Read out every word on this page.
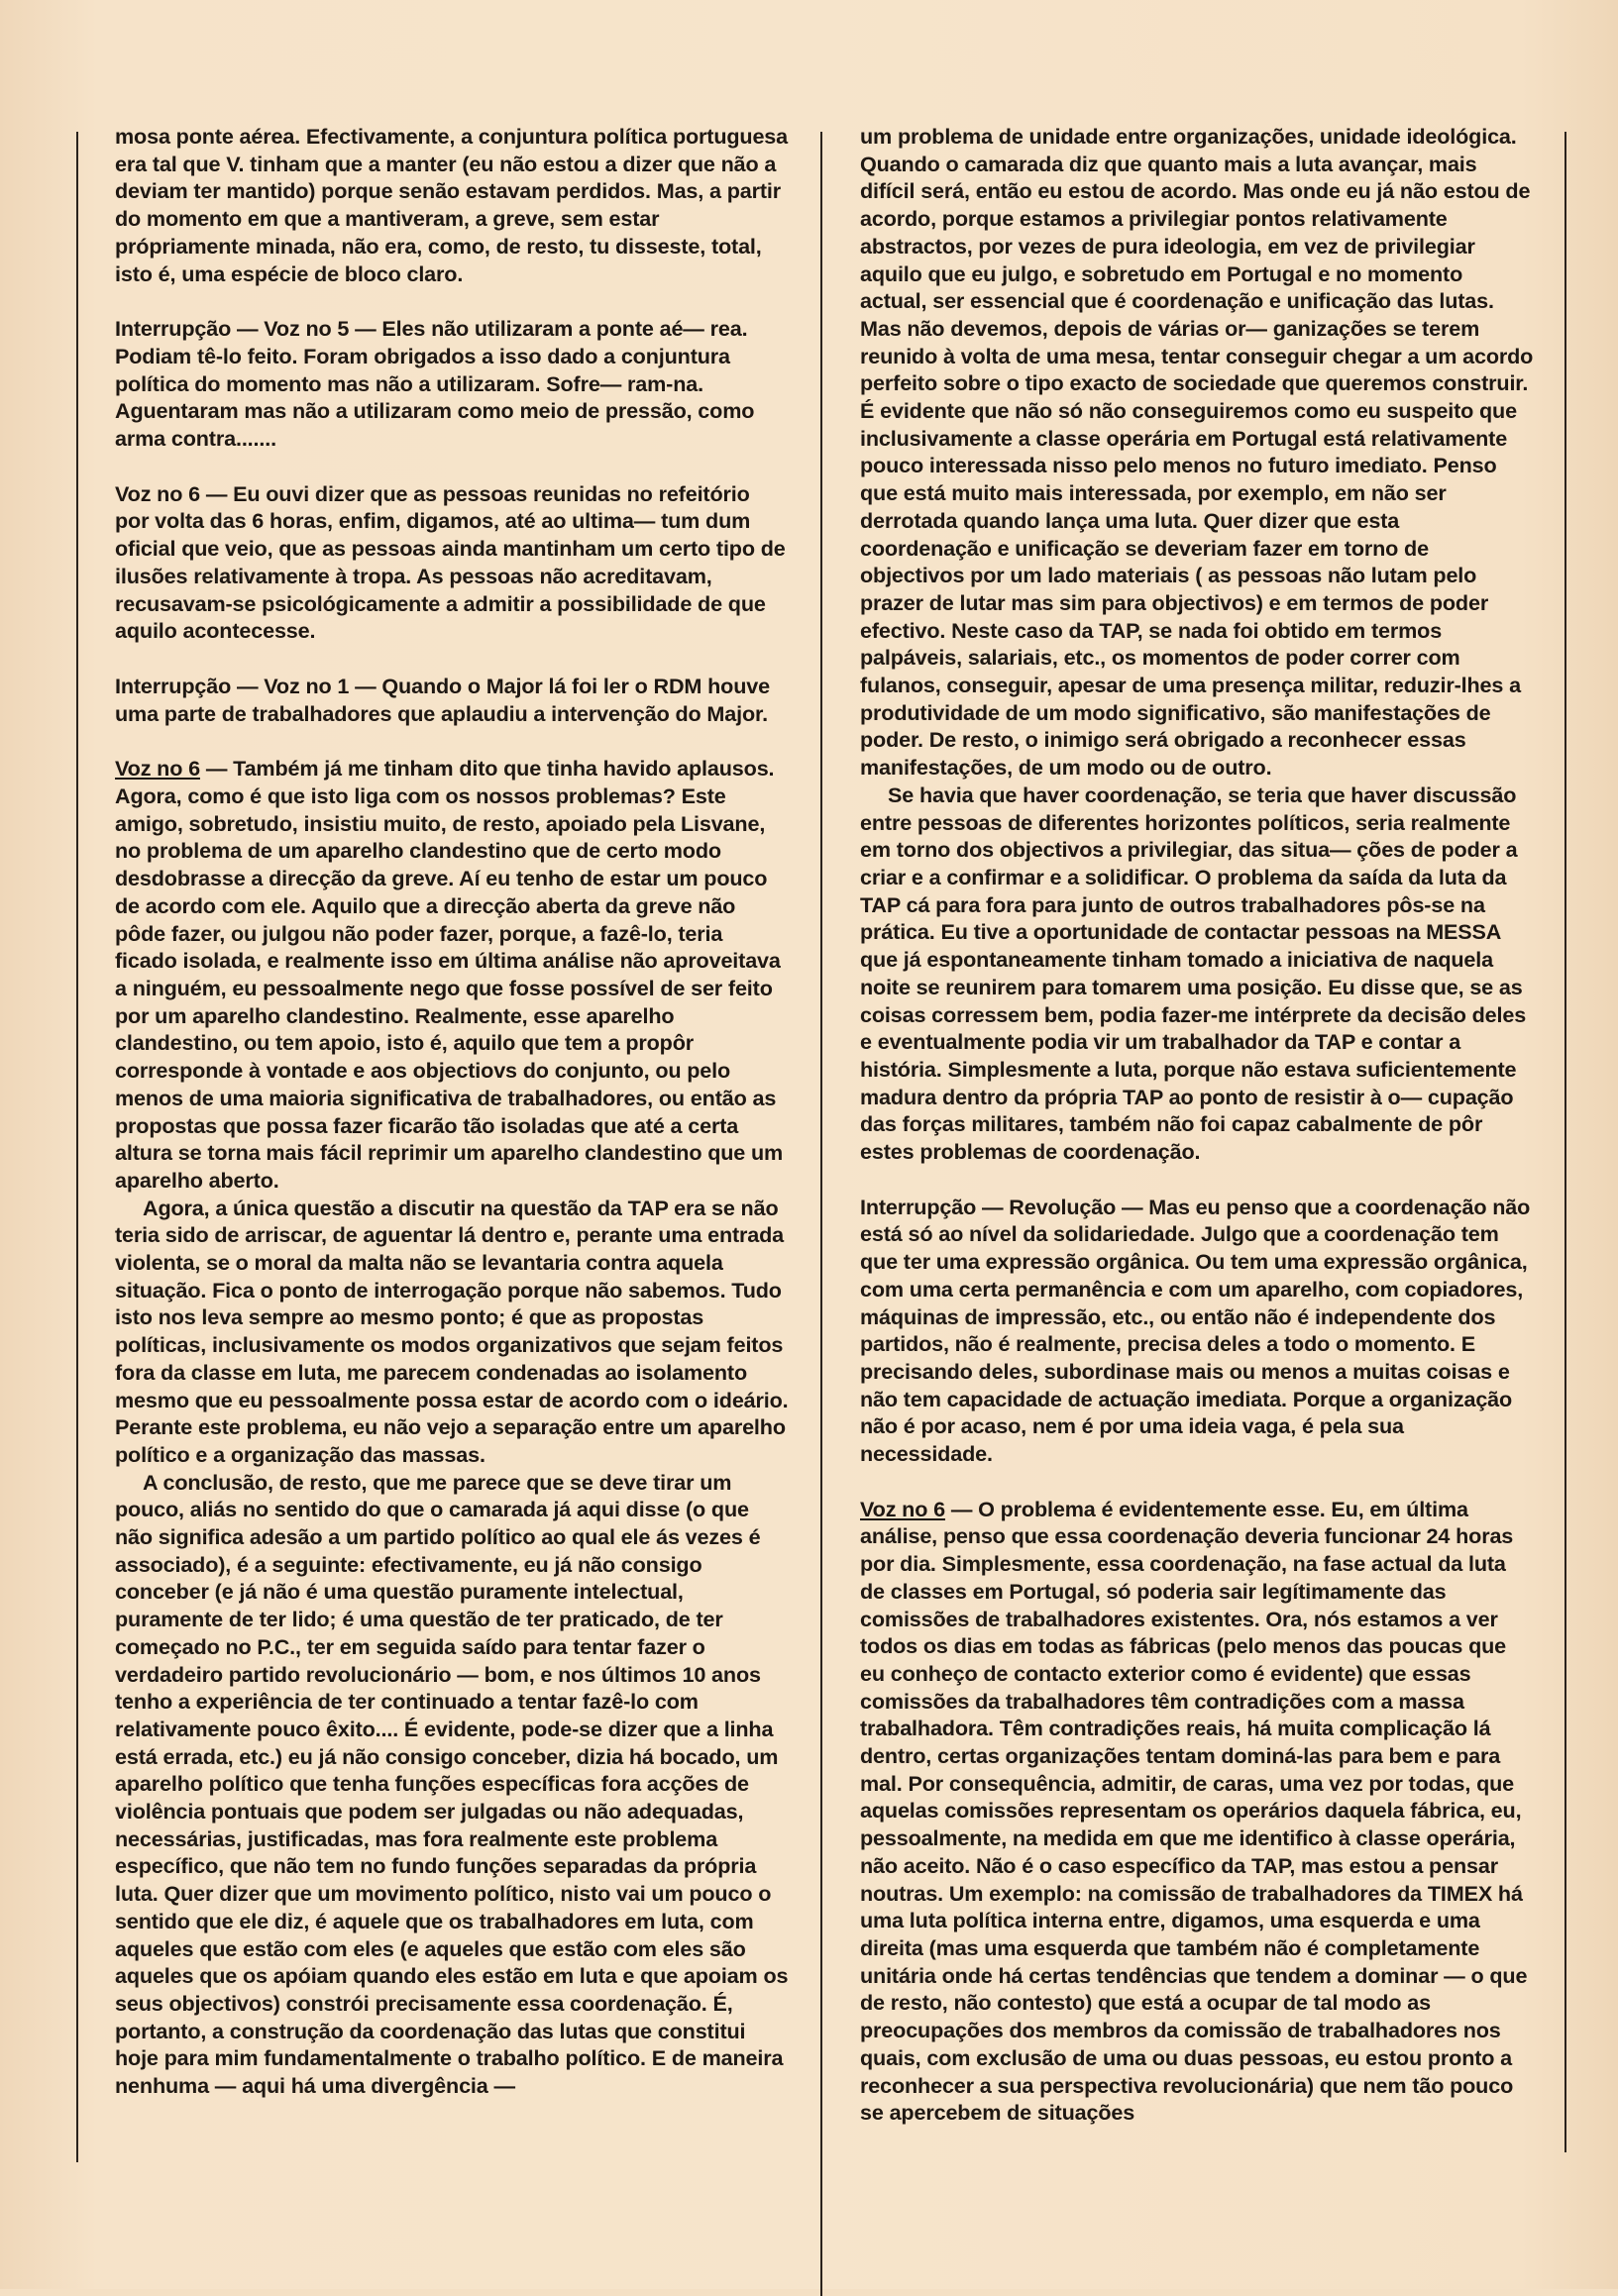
mosa ponte aérea. Efectivamente, a conjuntura política portuguesa era tal que V. tinham que a manter (eu não estou a dizer que não a deviam ter mantido) porque senão estavam perdidos. Mas, a partir do momento em que a mantiveram, a greve, sem estar própriamente minada, não era, como, de resto, tu disseste, total, isto é, uma espécie de bloco claro.

Interrupção — Voz no 5 — Eles não utilizaram a ponte aé— rea. Podiam tê-lo feito. Foram obrigados a isso dado a conjuntura política do momento mas não a utilizaram. Sofre— ram-na. Aguentaram mas não a utilizaram como meio de pressão, como arma contra.......

Voz no 6 — Eu ouvi dizer que as pessoas reunidas no refeitório por volta das 6 horas, enfim, digamos, até ao ultima— tum dum oficial que veio, que as pessoas ainda mantinham um certo tipo de ilusões relativamente à tropa. As pessoas não acreditavam, recusavam-se psicológicamente a admitir a possibilidade de que aquilo acontecesse.

Interrupção — Voz no 1 — Quando o Major lá foi ler o RDM houve uma parte de trabalhadores que aplaudiu a intervenção do Major.

Voz no 6 — Também já me tinham dito que tinha havido aplausos. Agora, como é que isto liga com os nossos problemas? Este amigo, sobretudo, insistiu muito, de resto, apoiado pela Lisvane, no problema de um aparelho clandestino que de certo modo desdobrasse a direcção da greve. Aí eu tenho de estar um pouco de acordo com ele. Aquilo que a direcção aberta da greve não pôde fazer, ou julgou não poder fazer, porque, a fazê-lo, teria ficado isolada, e realmente isso em última análise não aproveitava a ninguém, eu pessoalmente nego que fosse possível de ser feito por um aparelho clandestino. Realmente, esse aparelho clandestino, ou tem apoio, isto é, aquilo que tem a propôr corresponde à vontade e aos objectiovs do conjunto, ou pelo menos de uma maioria significativa de trabalhadores, ou então as propostas que possa fazer ficarão tão isoladas que até a certa altura se torna mais fácil reprimir um aparelho clandestino que um aparelho aberto.

Agora, a única questão a discutir na questão da TAP era se não teria sido de arriscar, de aguentar lá dentro e, perante uma entrada violenta, se o moral da malta não se levantaria contra aquela situação. Fica o ponto de interrogação porque não sabemos. Tudo isto nos leva sempre ao mesmo ponto; é que as propostas políticas, inclusivamente os modos organizativos que sejam feitos fora da classe em luta, me parecem condenadas ao isolamento mesmo que eu pessoalmente possa estar de acordo com o ideário. Perante este problema, eu não vejo a separação entre um aparelho político e a organização das massas.

A conclusão, de resto, que me parece que se deve tirar um pouco, aliás no sentido do que o camarada já aqui disse (o que não significa adesão a um partido político ao qual ele ás vezes é associado), é a seguinte: efectivamente, eu já não consigo conceber (e já não é uma questão puramente intelectual, puramente de ter lido; é uma questão de ter praticado, de ter começado no P.C., ter em seguida saído para tentar fazer o verdadeiro partido revolucionário — bom, e nos últimos 10 anos tenho a experiência de ter continuado a tentar fazê-lo com relativamente pouco êxito.... É evidente, pode-se dizer que a linha está errada, etc.) eu já não consigo conceber, dizia há bocado, um aparelho político que tenha funções específicas fora acções de violência pontuais que podem ser julgadas ou não adequadas, necessárias, justificadas, mas fora realmente este problema específico, que não tem no fundo funções separadas da própria luta. Quer dizer que um movimento político, nisto vai um pouco o sentido que ele diz, é aquele que os trabalhadores em luta, com aqueles que estão com eles (e aqueles que estão com eles são aqueles que os apóiam quando eles estão em luta e que apoiam os seus objectivos) constrói precisamente essa coordenação. É, portanto, a construção da coordenação das lutas que constitui hoje para mim fundamentalmente o trabalho político. E de maneira nenhuma — aqui há uma divergência —

um problema de unidade entre organizações, unidade ideológica. Quando o camarada diz que quanto mais a luta avançar, mais difícil será, então eu estou de acordo. Mas onde eu já não estou de acordo, porque estamos a privilegiar pontos relativamente abstractos, por vezes de pura ideologia, em vez de privilegiar aquilo que eu julgo, e sobretudo em Portugal e no momento actual, ser essencial que é coordenação e unificação das lutas. Mas não devemos, depois de várias or— ganizações se terem reunido à volta de uma mesa, tentar conseguir chegar a um acordo perfeito sobre o tipo exacto de sociedade que queremos construir. É evidente que não só não conseguiremos como eu suspeito que inclusivamente a classe operária em Portugal está relativamente pouco interessada nisso pelo menos no futuro imediato. Penso que está muito mais interessada, por exemplo, em não ser derrotada quando lança uma luta. Quer dizer que esta coordenação e unificação se deveriam fazer em torno de objectivos por um lado materiais ( as pessoas não lutam pelo prazer de lutar mas sim para objectivos) e em termos de poder efectivo. Neste caso da TAP, se nada foi obtido em termos palpáveis, salariais, etc., os momentos de poder correr com fulanos, conseguir, apesar de uma presença militar, reduzir-lhes a produtividade de um modo significativo, são manifestações de poder. De resto, o inimigo será obrigado a reconhecer essas manifestações, de um modo ou de outro.

Se havia que haver coordenação, se teria que haver discussão entre pessoas de diferentes horizontes políticos, seria realmente em torno dos objectivos a privilegiar, das situa— ções de poder a criar e a confirmar e a solidificar. O problema da saída da luta da TAP cá para fora para junto de outros trabalhadores pôs-se na prática. Eu tive a oportunidade de contactar pessoas na MESSA que já espontaneamente tinham tomado a iniciativa de naquela noite se reunirem para tomarem uma posição. Eu disse que, se as coisas corressem bem, podia fazer-me intérprete da decisão deles e eventualmente podia vir um trabalhador da TAP e contar a história. Simplesmente a luta, porque não estava suficientemente madura dentro da própria TAP ao ponto de resistir à o— cupação das forças militares, também não foi capaz cabalmente de pôr estes problemas de coordenação.

Interrupção — Revolução — Mas eu penso que a coordenação não está só ao nível da solidariedade. Julgo que a coordenação tem que ter uma expressão orgânica. Ou tem uma expressão orgânica, com uma certa permanência e com um aparelho, com copiadores, máquinas de impressão, etc., ou então não é independente dos partidos, não é realmente, precisa deles a todo o momento. E precisando deles, subordinase mais ou menos a muitas coisas e não tem capacidade de actuação imediata. Porque a organização não é por acaso, nem é por uma ideia vaga, é pela sua necessidade.

Voz no 6 — O problema é evidentemente esse. Eu, em última análise, penso que essa coordenação deveria funcionar 24 horas por dia. Simplesmente, essa coordenação, na fase actual da luta de classes em Portugal, só poderia sair legítimamente das comissões de trabalhadores existentes. Ora, nós estamos a ver todos os dias em todas as fábricas (pelo menos das poucas que eu conheço de contacto exterior como é evidente) que essas comissões da trabalhadores têm contradições com a massa trabalhadora. Têm contradições reais, há muita complicação lá dentro, certas organizações tentam dominá-las para bem e para mal. Por consequência, admitir, de caras, uma vez por todas, que aquelas comissões representam os operários daquela fábrica, eu, pessoalmente, na medida em que me identifico à classe operária, não aceito. Não é o caso específico da TAP, mas estou a pensar noutras. Um exemplo: na comissão de trabalhadores da TIMEX há uma luta política interna entre, digamos, uma esquerda e uma direita (mas uma esquerda que também não é completamente unitária onde há certas tendências que tendem a dominar — o que de resto, não contesto) que está a ocupar de tal modo as preocupações dos membros da comissão de trabalhadores nos quais, com exclusão de uma ou duas pessoas, eu estou pronto a reconhecer a sua perspectiva revolucionária) que nem tão pouco se apercebem de situações
